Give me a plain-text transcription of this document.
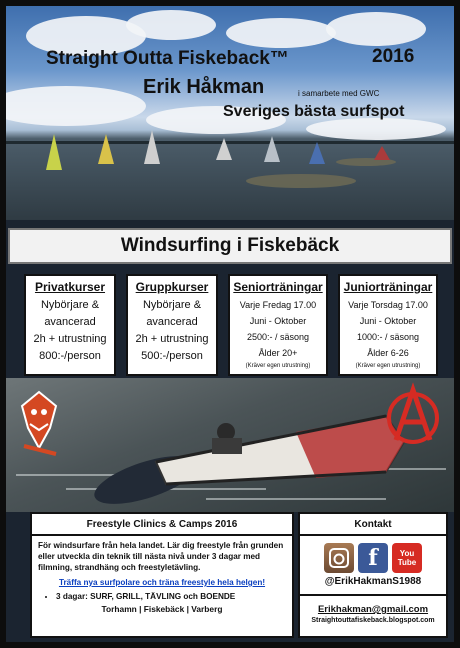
Straight Outta Fiskeback™	2016
Erik Håkman	i samarbete med GWC
Sveriges bästa surfspot
Windsurfing i Fiskebäck
Privatkurser
Nybörjare &
avancerad
2h + utrustning
800:-/person
Gruppkurser
Nybörjare &
avancerad
2h + utrustning
500:-/person
Seniorträningar
Varje Fredag 17.00
Juni - Oktober
2500:- / säsong
Ålder 20+
(Kräver egen utrustning)
Juniorträningar
Varje Torsdag 17.00
Juni - Oktober
1000:- / säsong
Ålder 6-26
(Kräver egen utrustning)
Freestyle Clinics & Camps 2016

För windsurfare från hela landet. Lär dig freestyle från grunden eller utveckla din teknik till nästa nivå under 3 dagar med filmning, strandhäng och freestyletävling.

Träffa nya surfpolare och träna freestyle hela helgen!
• 3 dagar: SURF, GRILL, TÄVLING och BOENDE
Torhamn | Fiskebäck | Varberg
Kontakt
f	You Tube
@ErikHakmanS1988
Erikhakman@gmail.com
Straightouttafiskeback.blogspot.com
